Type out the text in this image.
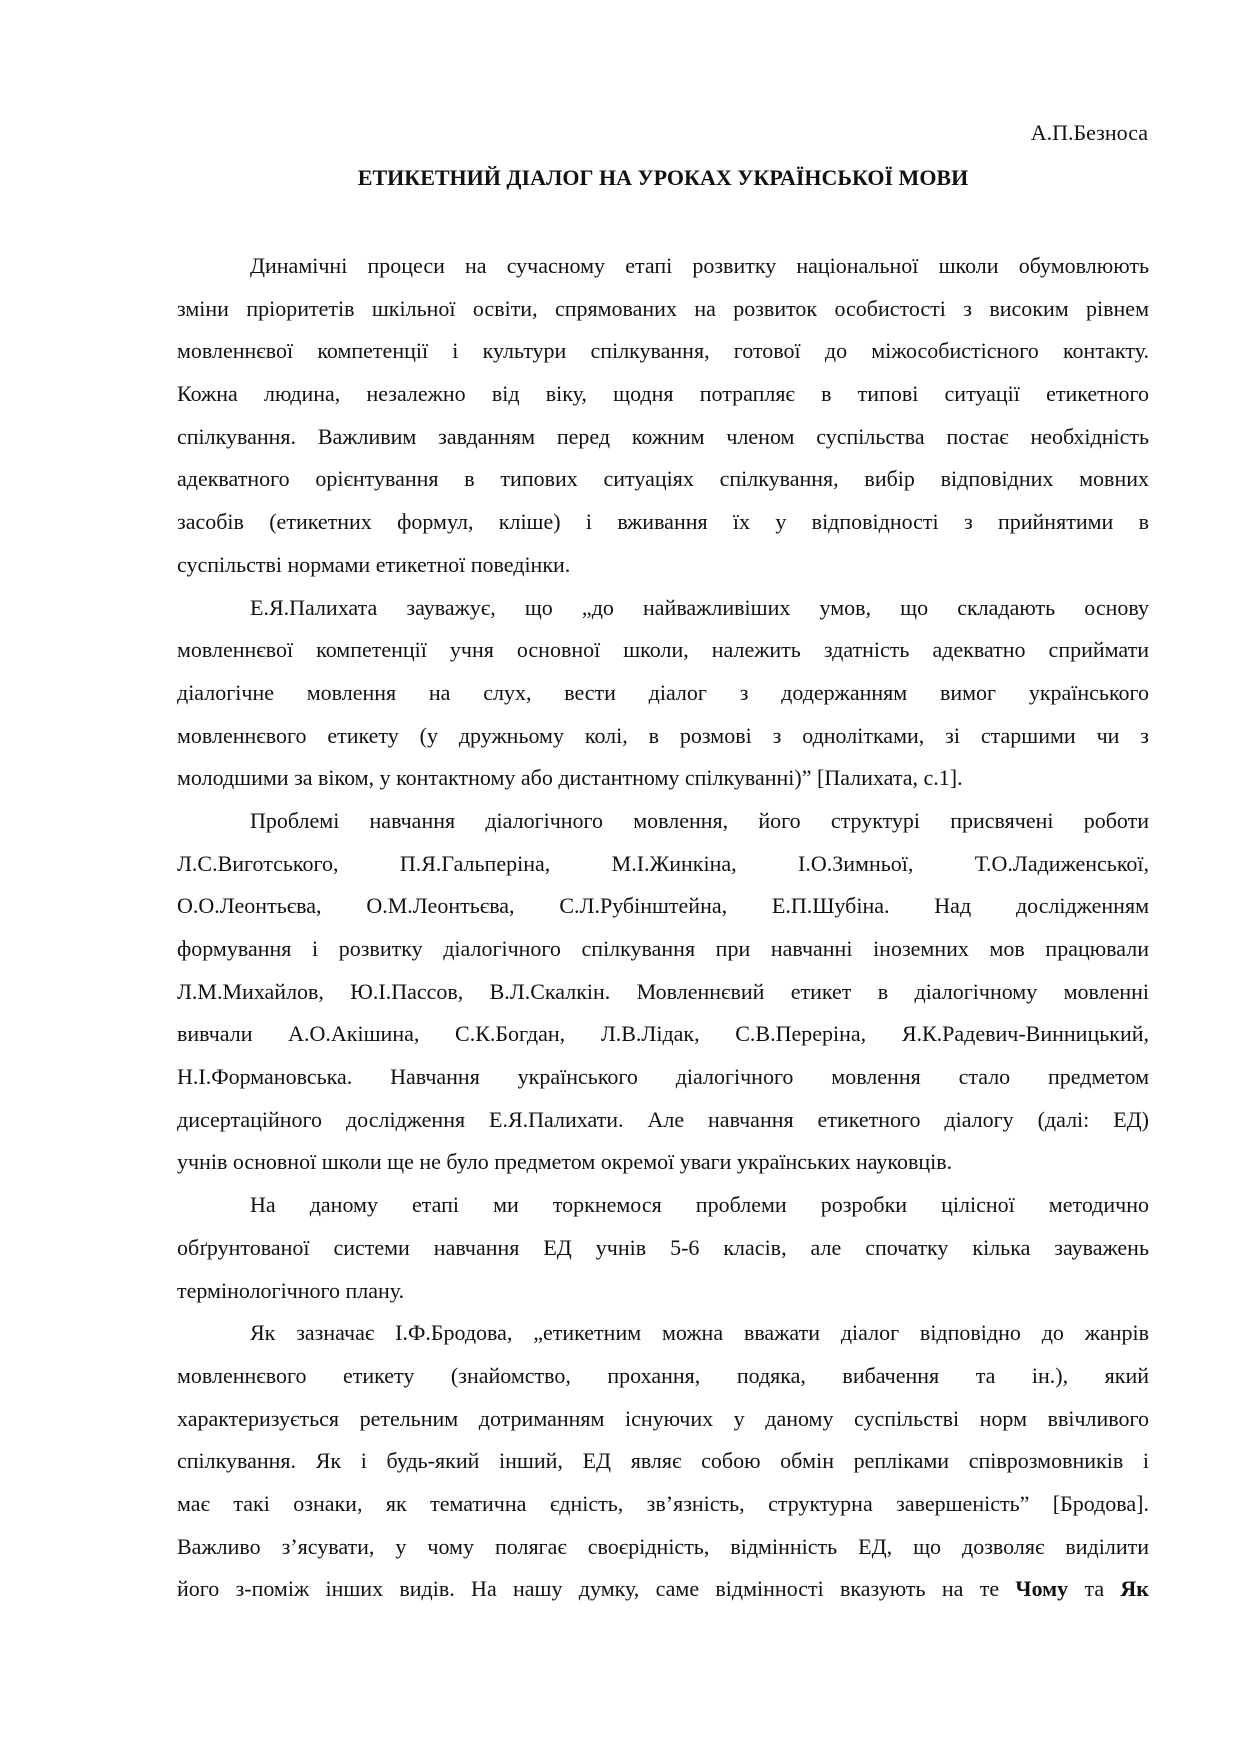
А.П.Безноса
ЕТИКЕТНИЙ ДІАЛОГ НА УРОКАХ УКРАЇНСЬКОЇ МОВИ
Динамічні процеси на сучасному етапі розвитку національної школи обумовлюють
зміни пріоритетів шкільної освіти, спрямованих на розвиток особистості з високим рівнем
мовленнєвої компетенції і культури спілкування, готової до міжособистісного контакту.
Кожна людина, незалежно від віку, щодня потрапляє в типові ситуації етикетного
спілкування. Важливим завданням перед кожним членом суспільства постає необхідність
адекватного орієнтування в типових ситуаціях спілкування, вибір відповідних мовних
засобів (етикетних формул, кліше) і вживання їх у відповідності з прийнятими в
суспільстві нормами етикетної поведінки.
Е.Я.Палихата зауважує, що „до найважливіших умов, що складають основу
мовленнєвої компетенції учня основної школи, належить здатність адекватно сприймати
діалогічне мовлення на слух, вести діалог з додержанням вимог українського
мовленнєвого етикету (у дружньому колі, в розмові з однолітками, зі старшими чи з
молодшими за віком, у контактному або дистантному спілкуванні)” [Палихата, с.1].
Проблемі навчання діалогічного мовлення, його структурі присвячені роботи
Л.С.Виготського, П.Я.Гальперіна, М.І.Жинкіна, І.О.Зимньої, Т.О.Ладиженської,
О.О.Леонтьєва, О.М.Леонтьєва, С.Л.Рубінштейна, Е.П.Шубіна. Над дослідженням
формування і розвитку діалогічного спілкування при навчанні іноземних мов працювали
Л.М.Михайлов, Ю.І.Пассов, В.Л.Скалкін. Мовленнєвий етикет в діалогічному мовленні
вивчали А.О.Акішина, С.К.Богдан, Л.В.Лідак, С.В.Переріна, Я.К.Радевич-Винницький,
Н.І.Формановська. Навчання українського діалогічного мовлення стало предметом
дисертаційного дослідження Е.Я.Палихати. Але навчання етикетного діалогу (далі: ЕД)
учнів основної школи ще не було предметом окремої уваги українських науковців.
На даному етапі ми торкнемося проблеми розробки цілісної методично
обґрунтованої системи навчання ЕД учнів 5-6 класів, але спочатку кілька зауважень
термінологічного плану.
Як зазначає І.Ф.Бродова, „етикетним можна вважати діалог відповідно до жанрів
мовленнєвого етикету (знайомство, прохання, подяка, вибачення та ін.), який
характеризується ретельним дотриманням існуючих у даному суспільстві норм ввічливого
спілкування. Як і будь-який інший, ЕД являє собою обмін репліками співрозмовників і
має такі ознаки, як тематична єдність, зв’язність, структурна завершеність” [Бродова].
Важливо з’ясувати, у чому полягає своєрідність, відмінність ЕД, що дозволяє виділити
його з-поміж інших видів. На нашу думку, саме відмінності вказують на те Чому та Як
